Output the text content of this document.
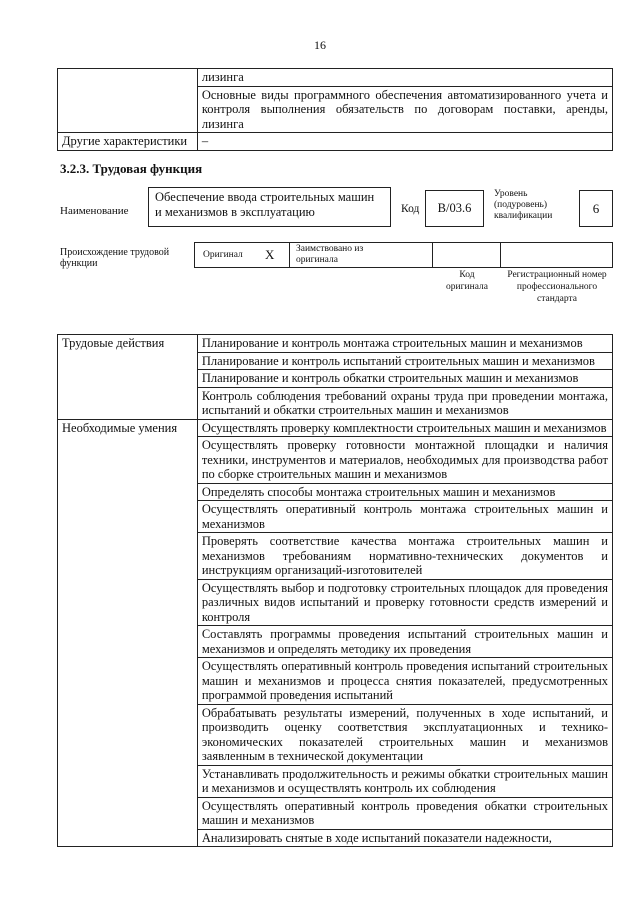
16
	лизинга
	Основные виды программного обеспечения автоматизированного учета и контроля выполнения обязательств по договорам поставки, аренды, лизинга
Другие характеристики	–
3.2.3. Трудовая функция
Наименование
Обеспечение ввода строительных машин и механизмов в эксплуатацию	Код	B/03.6
Уровень (подуровень) квалификации	6
Происхождение трудовой функции
Оригинал X Заимствовано из оригинала
Код оригинала
Регистрационный номер профессионального стандарта
Трудовые действия	Планирование и контроль монтажа строительных машин и механизмов
	Планирование и контроль испытаний строительных машин и механизмов
	Планирование и контроль обкатки строительных машин и механизмов
	Контроль соблюдения требований охраны труда при проведении монтажа, испытаний и обкатки строительных машин и механизмов
Необходимые умения	Осуществлять проверку комплектности строительных машин и механизмов
	Осуществлять проверку готовности монтажной площадки и наличия техники, инструментов и материалов, необходимых для производства работ по сборке строительных машин и механизмов
	Определять способы монтажа строительных машин и механизмов
	Осуществлять оперативный контроль монтажа строительных машин и механизмов
	Проверять соответствие качества монтажа строительных машин и механизмов требованиям нормативно-технических документов и инструкциям организаций-изготовителей
	Осуществлять выбор и подготовку строительных площадок для проведения различных видов испытаний и проверку готовности средств измерений и контроля
	Составлять программы проведения испытаний строительных машин и механизмов и определять методику их проведения
	Осуществлять оперативный контроль проведения испытаний строительных машин и механизмов и процесса снятия показателей, предусмотренных программой проведения испытаний
	Обрабатывать результаты измерений, полученных в ходе испытаний, и производить оценку соответствия эксплуатационных и технико-экономических показателей строительных машин и механизмов заявленным в технической документации
	Устанавливать продолжительность и режимы обкатки строительных машин и механизмов и осуществлять контроль их соблюдения
	Осуществлять оперативный контроль проведения обкатки строительных машин и механизмов
	Анализировать снятые в ходе испытаний показатели надежности,
